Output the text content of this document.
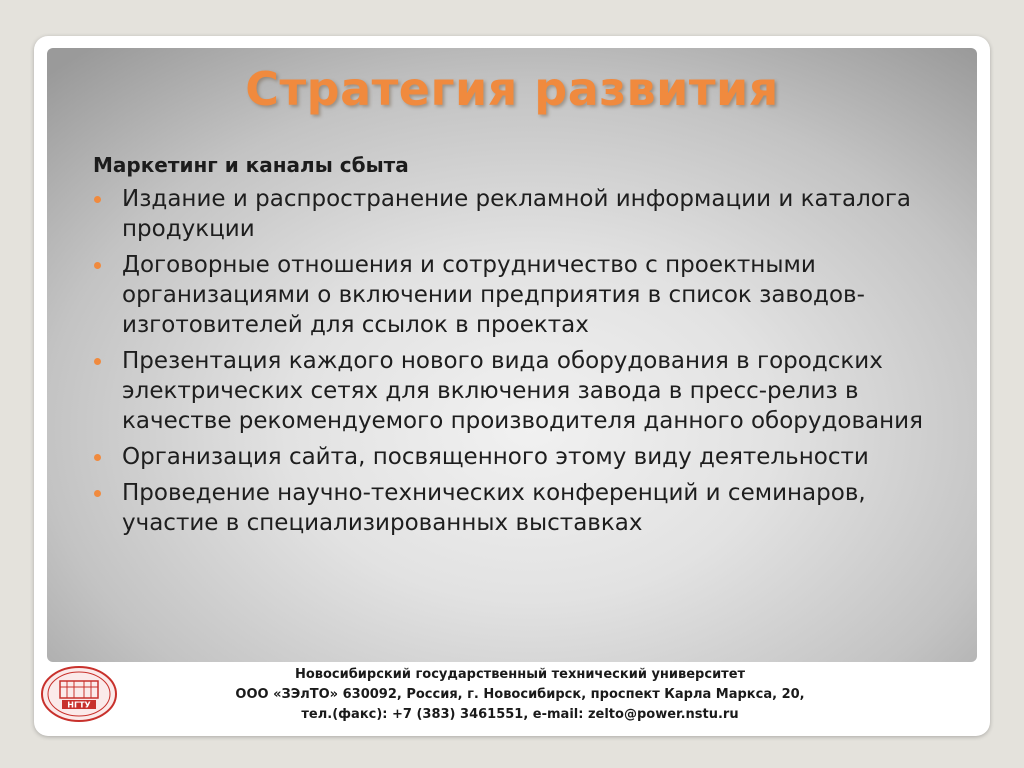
Стратегия развития
Маркетинг и каналы сбыта
Издание и распространение рекламной информации и каталога продукции
Договорные отношения и сотрудничество с проектными организациями о включении предприятия в список заводов-изготовителей для ссылок в проектах
Презентация каждого нового вида оборудования в городских электрических сетях для включения завода в пресс-релиз в качестве рекомендуемого производителя данного оборудования
Организация сайта, посвященного этому виду деятельности
Проведение научно-технических конференций и семинаров, участие в специализированных выставках
НГТУ
Новосибирский государственный технический университет
ООО «ЗЭлТО» 630092, Россия, г. Новосибирск, проспект Карла Маркса, 20,
тел.(факс): +7 (383) 3461551, e-mail: zelto@power.nstu.ru
